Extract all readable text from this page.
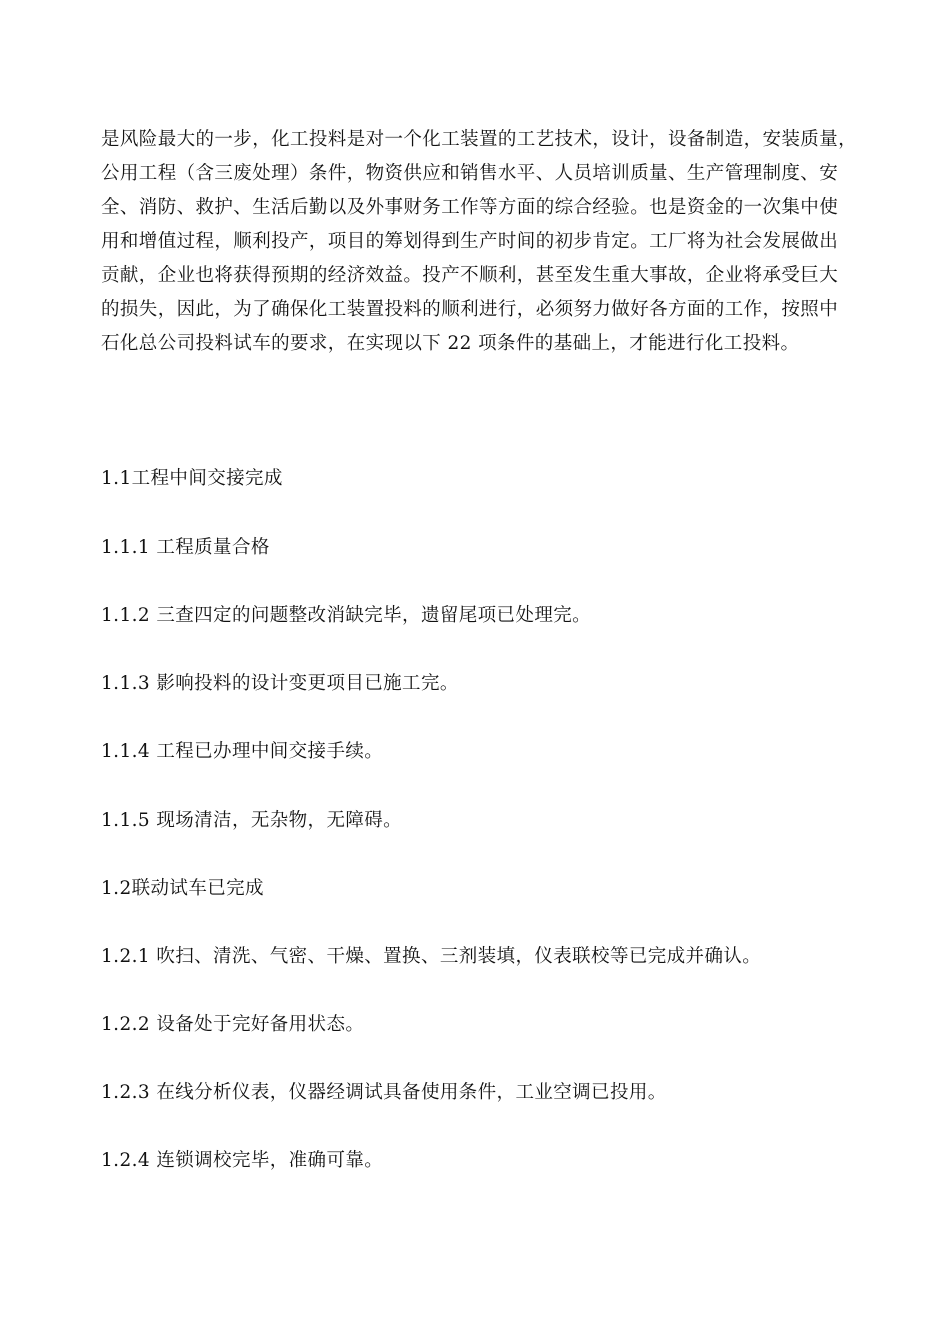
是风险最大的一步，化工投料是对一个化工装置的工艺技术，设计，设备制造，安装质量，
公用工程（含三废处理）条件，物资供应和销售水平、人员培训质量、生产管理制度、安
全、消防、救护、生活后勤以及外事财务工作等方面的综合经验。也是资金的一次集中使
用和增值过程，顺利投产，项目的筹划得到生产时间的初步肯定。工厂将为社会发展做出
贡献，企业也将获得预期的经济效益。投产不顺利，甚至发生重大事故，企业将承受巨大
的损失，因此，为了确保化工装置投料的顺利进行，必须努力做好各方面的工作，按照中
石化总公司投料试车的要求，在实现以下 22 项条件的基础上，才能进行化工投料。
1.1工程中间交接完成
1.1.1 工程质量合格
1.1.2 三查四定的问题整改消缺完毕，遗留尾项已处理完。
1.1.3 影响投料的设计变更项目已施工完。
1.1.4 工程已办理中间交接手续。
1.1.5 现场清洁，无杂物，无障碍。
1.2联动试车已完成
1.2.1 吹扫、清洗、气密、干燥、置换、三剂装填，仪表联校等已完成并确认。
1.2.2 设备处于完好备用状态。
1.2.3 在线分析仪表，仪器经调试具备使用条件，工业空调已投用。
1.2.4 连锁调校完毕，准确可靠。
